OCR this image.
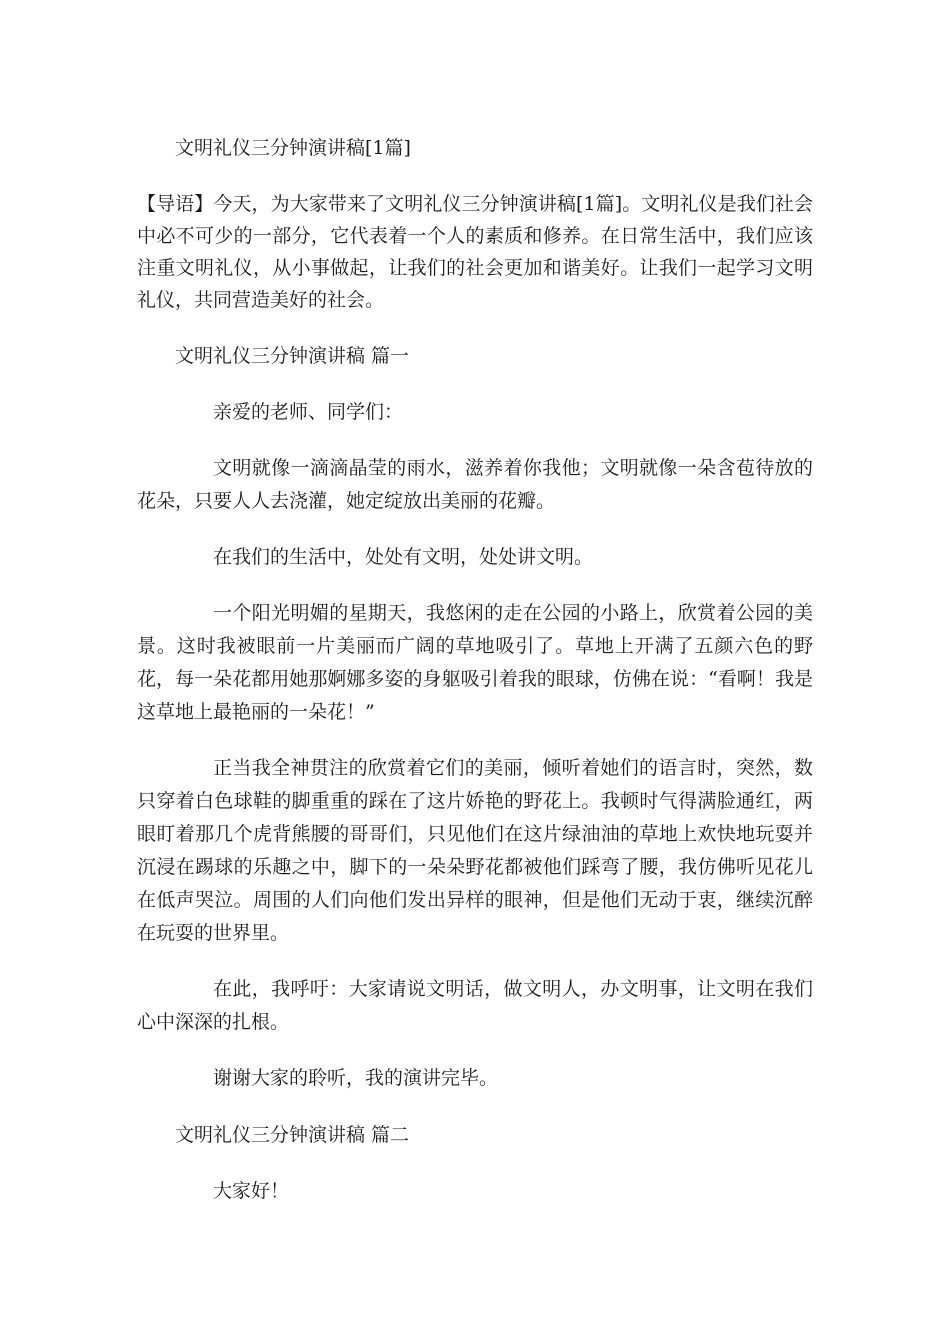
文明礼仪三分钟演讲稿[1篇]

【导语】今天，为大家带来了文明礼仪三分钟演讲稿[1篇]。文明礼仪是我们社会中必不可少的一部分，它代表着一个人的素质和修养。在日常生活中，我们应该注重文明礼仪，从小事做起，让我们的社会更加和谐美好。让我们一起学习文明礼仪，共同营造美好的社会。

文明礼仪三分钟演讲稿 篇一

亲爱的老师、同学们：

文明就像一滴滴晶莹的雨水，滋养着你我他；文明就像一朵含苞待放的花朵，只要人人去浇灌，她定绽放出美丽的花瓣。

在我们的生活中，处处有文明，处处讲文明。

一个阳光明媚的星期天，我悠闲的走在公园的小路上，欣赏着公园的美景。这时我被眼前一片美丽而广阔的草地吸引了。草地上开满了五颜六色的野花，每一朵花都用她那婀娜多姿的身躯吸引着我的眼球，仿佛在说：“看啊！我是这草地上最艳丽的一朵花！”

正当我全神贯注的欣赏着它们的美丽，倾听着她们的语言时，突然，数只穿着白色球鞋的脚重重的踩在了这片娇艳的野花上。我顿时气得满脸通红，两眼盯着那几个虎背熊腰的哥哥们，只见他们在这片绿油油的草地上欢快地玩耍并沉浸在踢球的乐趣之中，脚下的一朵朵野花都被他们踩弯了腰，我仿佛听见花儿在低声哭泣。周围的人们向他们发出异样的眼神，但是他们无动于衷，继续沉醉在玩耍的世界里。

在此，我呼吁：大家请说文明话，做文明人，办文明事，让文明在我们心中深深的扎根。

谢谢大家的聆听，我的演讲完毕。

文明礼仪三分钟演讲稿 篇二

大家好！
